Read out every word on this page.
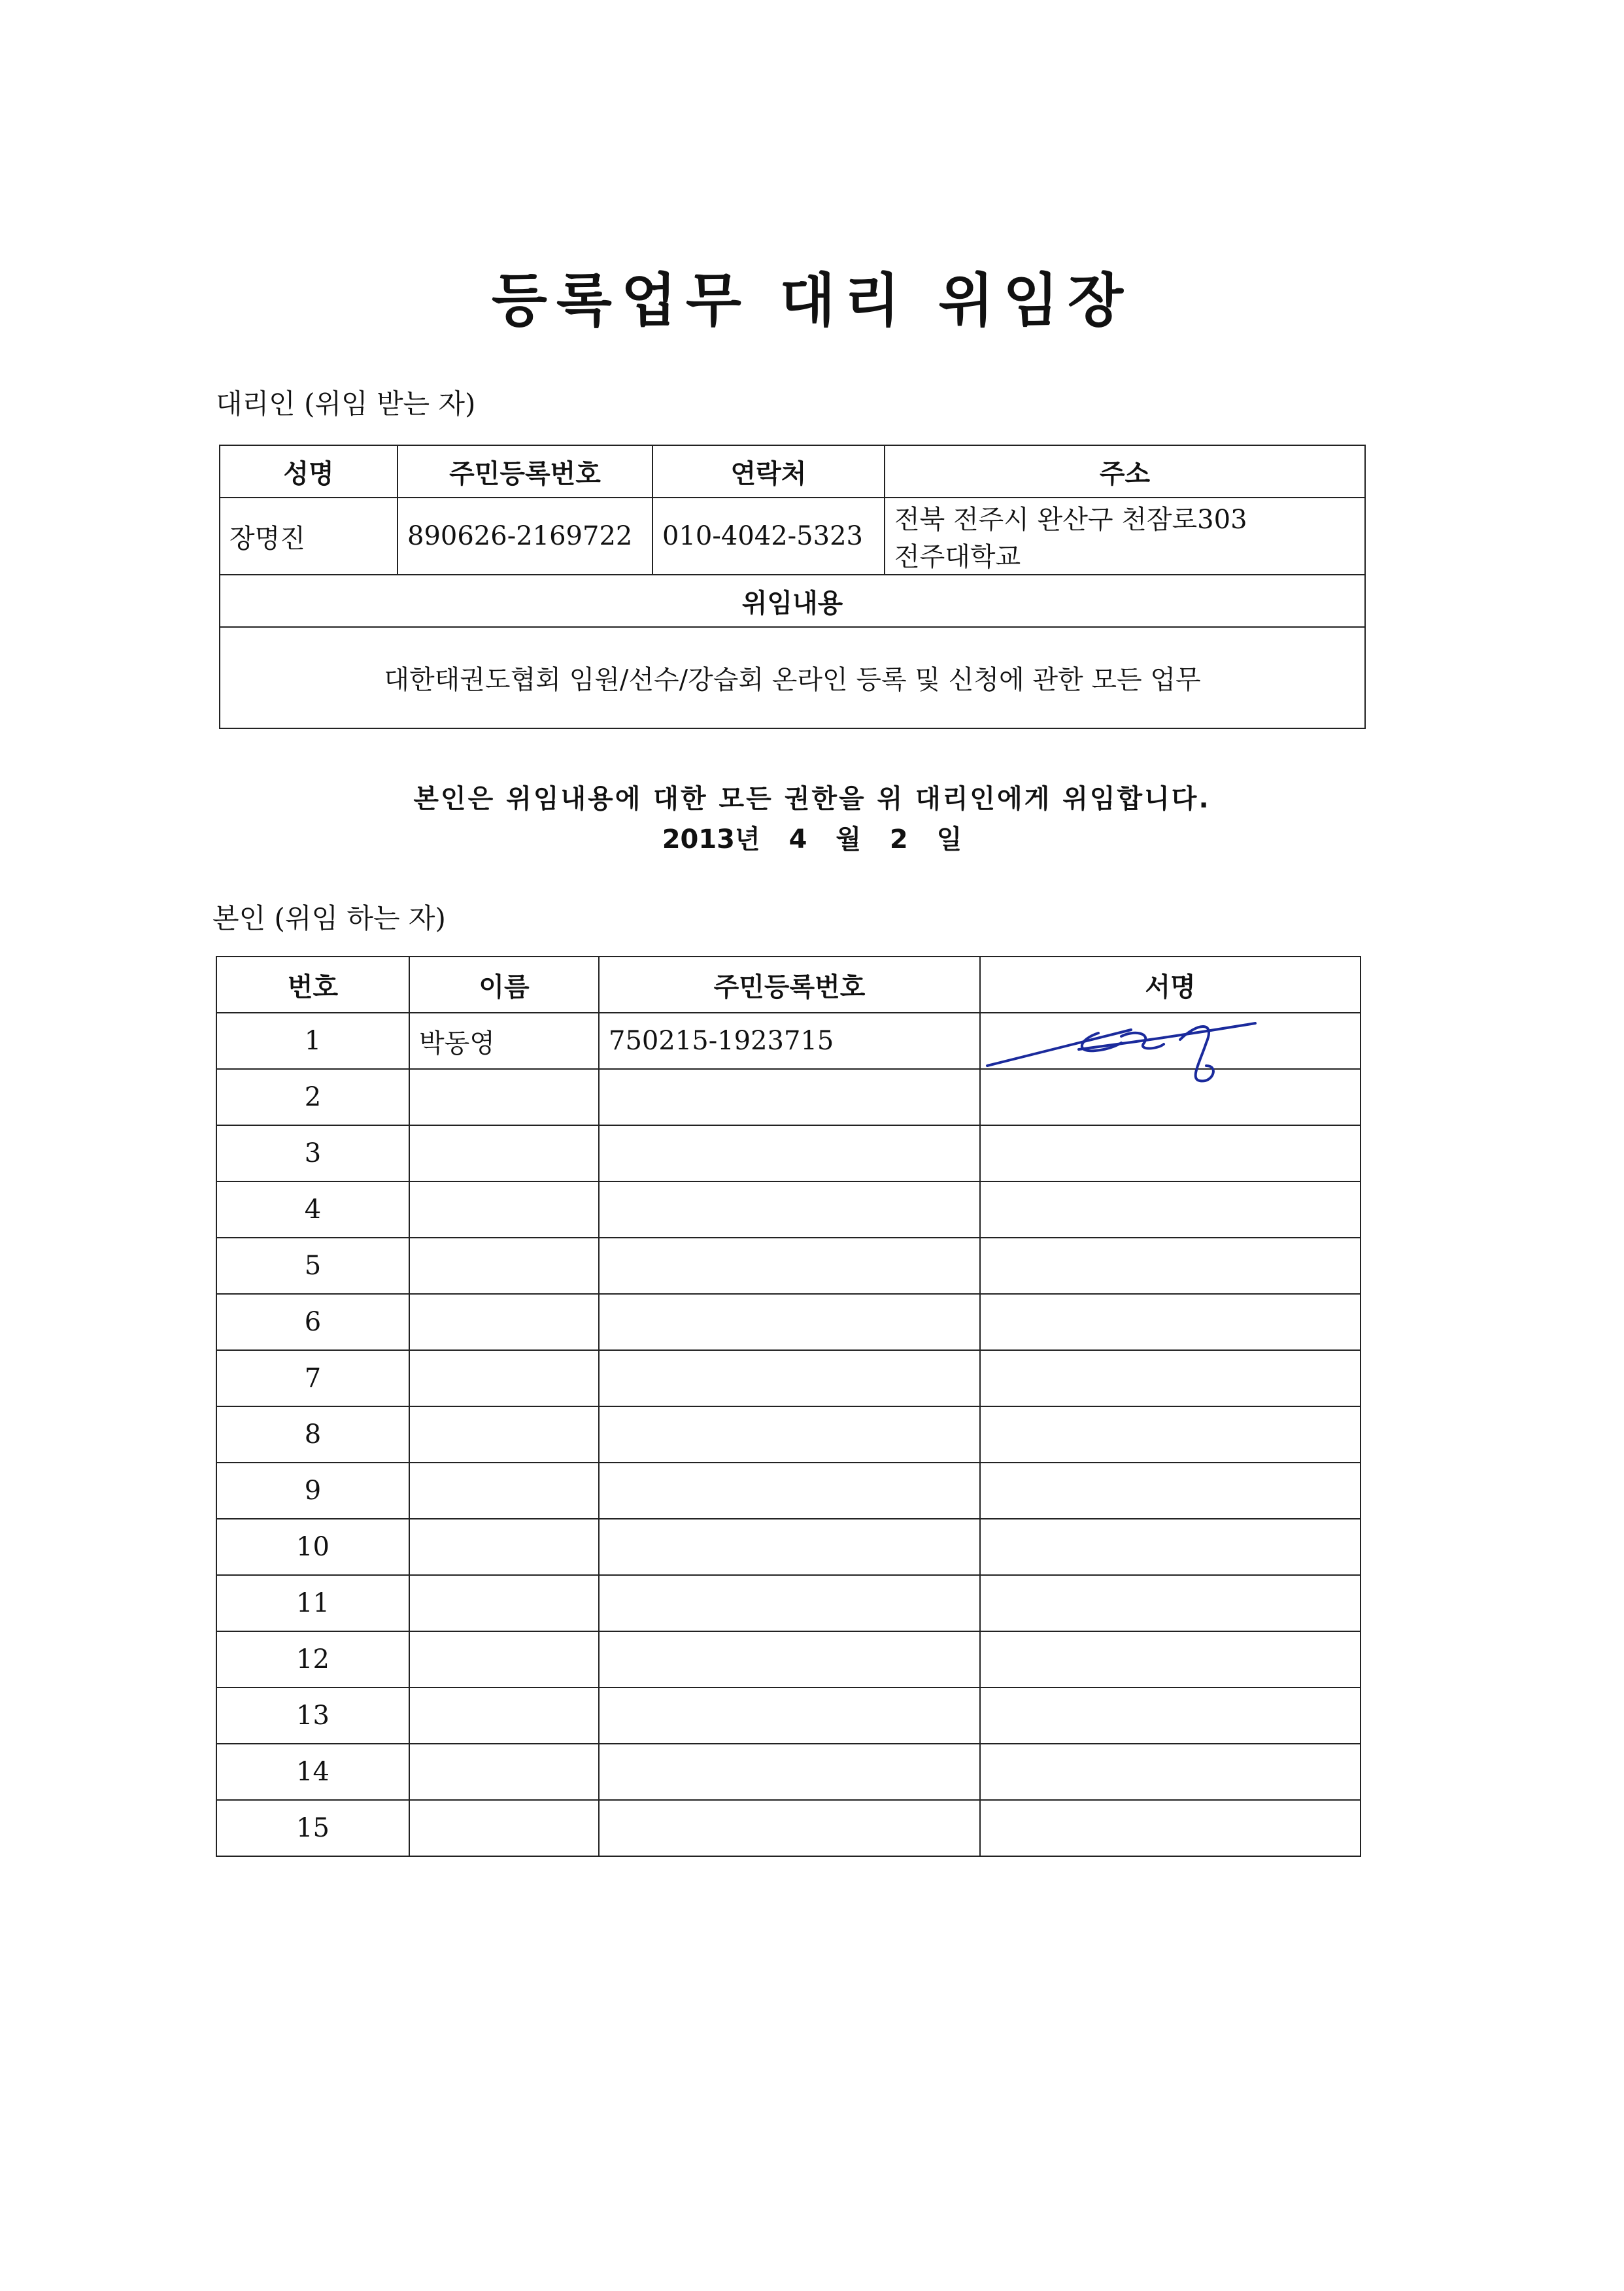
등록업무 대리 위임장
대리인 (위임 받는 자)
성명	주민등록번호	연락처	주소
장명진	890626-2169722	010-4042-5323	전북 전주시 완산구 천잠로303
전주대학교

위임내용			
대한태권도협회 임원/선수/강습회 온라인 등록 및 신청에 관한 모든 업무			
본인은 위임내용에 대한 모든 권한을 위 대리인에게 위임합니다.
2013년 4 월 2 일
본인 (위임 하는 자)
번호	이름	주민등록번호	서명
1	박동영	750215-1923715	
2			
3			
4			
5			
6			
7			
8			
9			
10			
11			
12			
13			
14			
15			
